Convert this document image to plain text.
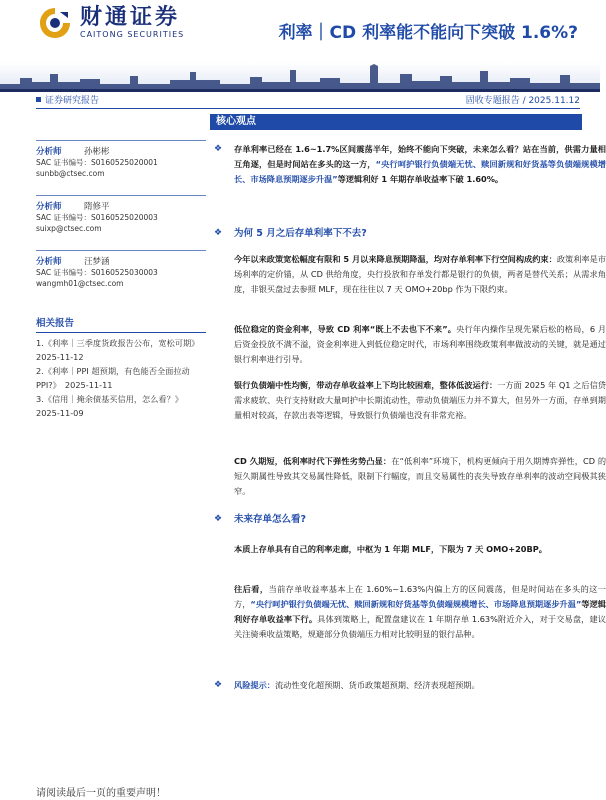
财通证券
CAITONG SECURITIES	利率｜CD 利率能不能向下突破 1.6%?
证券研究报告	固收专题报告 / 2025.11.12
分析师	孙彬彬
SAC 证书编号：S0160525020001
sunbb@ctsec.com
分析师	隋修平
SAC 证书编号：S0160525020003
suixp@ctsec.com
分析师	汪梦涵
SAC 证书编号：S0160525030003
wangmh01@ctsec.com
相关报告
1.《利率｜三季度货政报告公布，宽松可期》
2025-11-12
2.《利率｜PPI 超预期，有色能否全面拉动
PPI?》　2025-11-11
3.《信用｜掩余债基买信用，怎么看？》
2025-11-09
核心观点
❖ 存单利率已经在 1.6~1.7%区间震荡半年，始终不能向下突破，未来怎么看？站在当前，供需力量相互角逐，但是时间站在多头的这一方，“央行呵护银行负债端无忧、赎回新规和好货基等负债端规模增长、市场降息预期逐步升温”等逻辑利好 1 年期存单收益率下破 1.60%。
❖ 为何 5 月之后存单利率下不去?
今年以来政策宽松幅度有限和 5 月以来降息预期降温，均对存单利率下行空间构成约束：政策利率是市场利率的定价锚，从 CD 供给角度，央行投放和存单发行都是银行的负债，两者是替代关系；从需求角度，非银买盘过去参照 MLF，现在往往以 7 天 OMO+20bp 作为下限约束。
低位稳定的资金利率，导致 CD 利率“既上不去也下不来”。央行年内操作呈现先紧后松的格局，6 月后资金投放不满不溢，资金利率进入到低位稳定时代，市场利率围绕政策利率做波动的关键，就是通过银行利率进行引导。
银行负债端中性均衡，带动存单收益率上下均比较困难，整体低波运行：一方面 2025 年 Q1 之后信贷需求疲软、央行支持财政大量呵护中长期流动性，带动负债端压力并不算大，但另外一方面，存单到期量相对较高，存款出表等逻辑，导致银行负债端也没有非常充裕。
CD 久期短，低利率时代下弹性劣势凸显：在“低利率”环境下，机构更倾向于用久期博弈弹性，CD 的短久期属性导致其交易属性降低，限制下行幅度，而且交易属性的丧失导致存单利率的波动空间极其狭窄。
❖ 未来存单怎么看?
本质上存单具有自己的利率走廊，中枢为 1 年期 MLF，下限为 7 天 OMO+20BP。
往后看，当前存单收益率基本上在 1.60%~1.63%内偏上方的区间震荡，但是时间站在多头的这一方，“央行呵护银行负债端无忧、赎回新规和好货基等负债端规模增长、市场降息预期逐步升温”等逻辑利好存单收益率下行。具体到策略上，配置盘建议在 1 年期存单 1.63%附近介入，对于交易盘，建议关注骑乘收益策略，规避部分负债端压力相对比较明显的银行品种。
❖ 风险提示：流动性变化超预期、货币政策超预期、经济表现超预期。
请阅读最后一页的重要声明！
